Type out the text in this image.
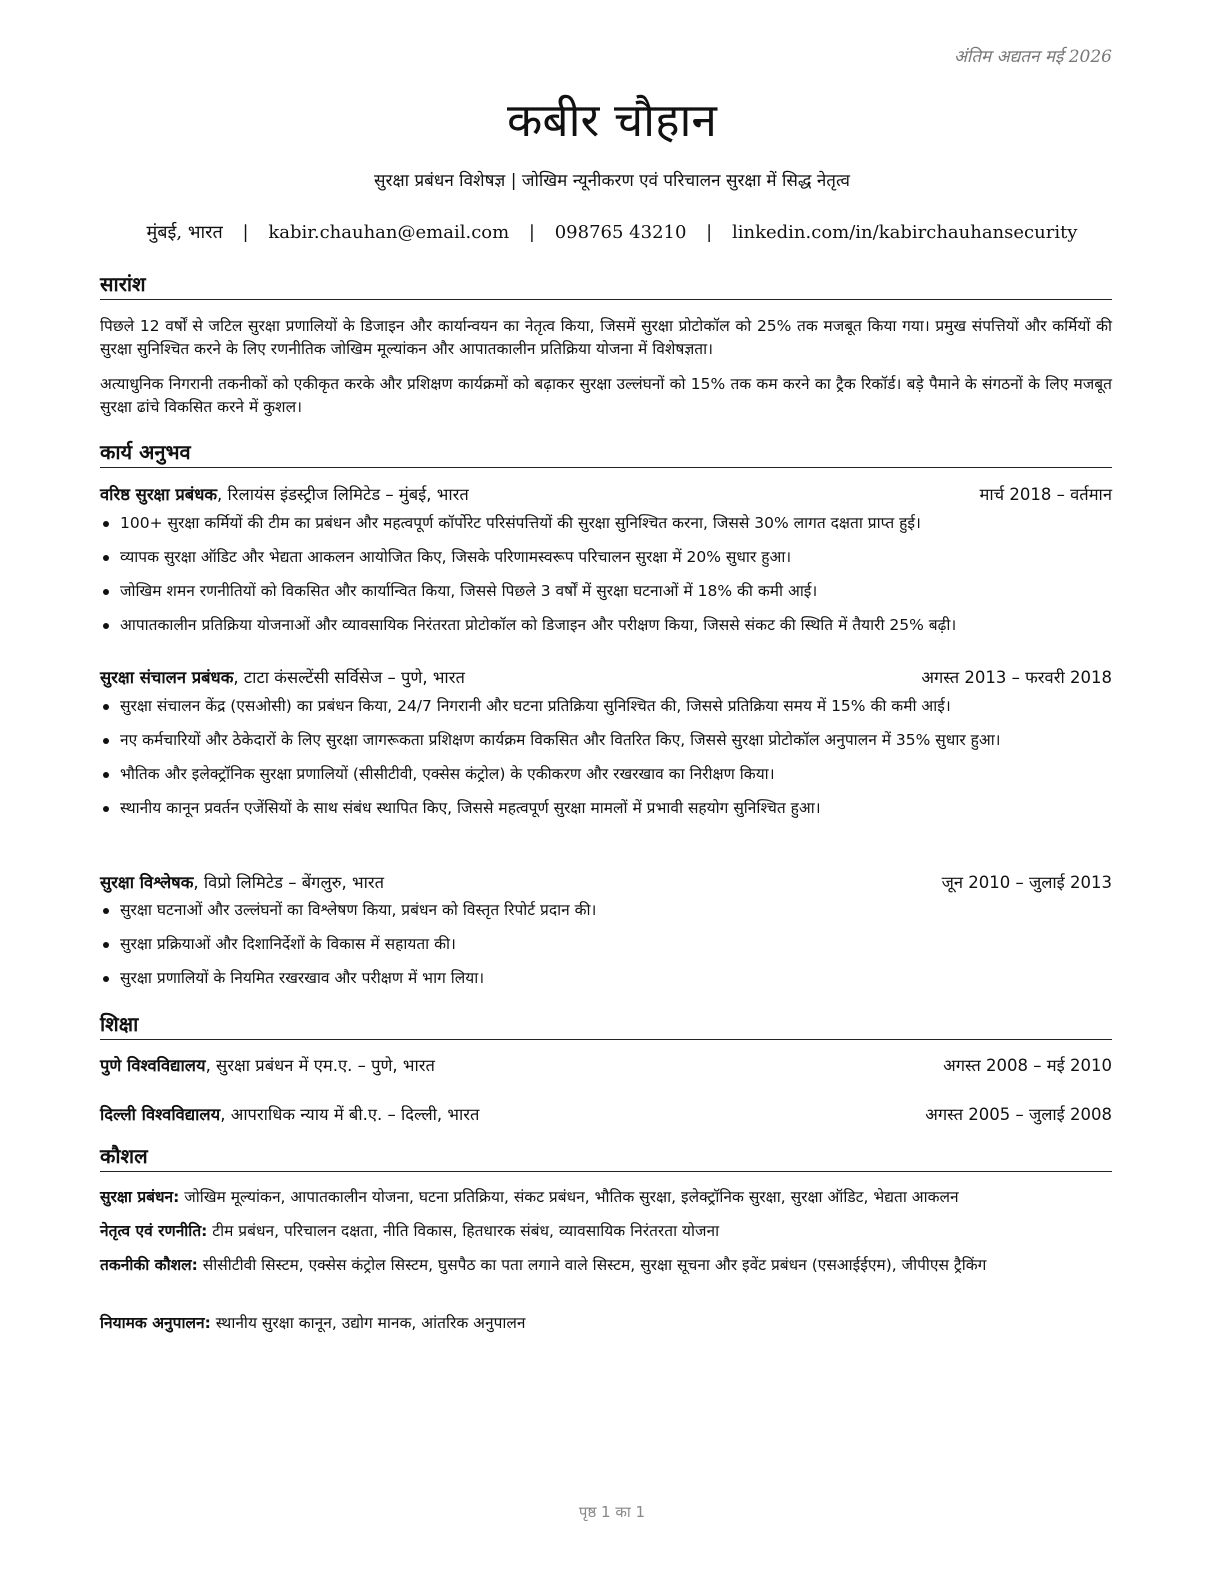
अंतिम अद्यतन मई 2026
कबीर चौहान
सुरक्षा प्रबंधन विशेषज्ञ | जोखिम न्यूनीकरण एवं परिचालन सुरक्षा में सिद्ध नेतृत्व
मुंबई, भारत | kabir.chauhan@email.com | 098765 43210 | linkedin.com/in/kabirchauhansecurity
सारांश

पिछले 12 वर्षों से जटिल सुरक्षा प्रणालियों के डिजाइन और कार्यान्वयन का नेतृत्व किया, जिसमें सुरक्षा प्रोटोकॉल को 25% तक मजबूत किया गया। प्रमुख संपत्तियों और कर्मियों की सुरक्षा सुनिश्चित करने के लिए रणनीतिक जोखिम मूल्यांकन और आपातकालीन प्रतिक्रिया योजना में विशेषज्ञता।

अत्याधुनिक निगरानी तकनीकों को एकीकृत करके और प्रशिक्षण कार्यक्रमों को बढ़ाकर सुरक्षा उल्लंघनों को 15% तक कम करने का ट्रैक रिकॉर्ड। बड़े पैमाने के संगठनों के लिए मजबूत सुरक्षा ढांचे विकसित करने में कुशल।

कार्य अनुभव
वरिष्ठ सुरक्षा प्रबंधक, रिलायंस इंडस्ट्रीज लिमिटेड – मुंबई, भारत	मार्च 2018 – वर्तमान
100+ सुरक्षा कर्मियों की टीम का प्रबंधन और महत्वपूर्ण कॉर्पोरेट परिसंपत्तियों की सुरक्षा सुनिश्चित करना, जिससे 30% लागत दक्षता प्राप्त हुई।
व्यापक सुरक्षा ऑडिट और भेद्यता आकलन आयोजित किए, जिसके परिणामस्वरूप परिचालन सुरक्षा में 20% सुधार हुआ।
जोखिम शमन रणनीतियों को विकसित और कार्यान्वित किया, जिससे पिछले 3 वर्षों में सुरक्षा घटनाओं में 18% की कमी आई।
आपातकालीन प्रतिक्रिया योजनाओं और व्यावसायिक निरंतरता प्रोटोकॉल को डिजाइन और परीक्षण किया, जिससे संकट की स्थिति में तैयारी 25% बढ़ी।
सुरक्षा संचालन प्रबंधक, टाटा कंसल्टेंसी सर्विसेज – पुणे, भारत	अगस्त 2013 – फरवरी 2018
सुरक्षा संचालन केंद्र (एसओसी) का प्रबंधन किया, 24/7 निगरानी और घटना प्रतिक्रिया सुनिश्चित की, जिससे प्रतिक्रिया समय में 15% की कमी आई।
नए कर्मचारियों और ठेकेदारों के लिए सुरक्षा जागरूकता प्रशिक्षण कार्यक्रम विकसित और वितरित किए, जिससे सुरक्षा प्रोटोकॉल अनुपालन में 35% सुधार हुआ।
भौतिक और इलेक्ट्रॉनिक सुरक्षा प्रणालियों (सीसीटीवी, एक्सेस कंट्रोल) के एकीकरण और रखरखाव का निरीक्षण किया।
स्थानीय कानून प्रवर्तन एजेंसियों के साथ संबंध स्थापित किए, जिससे महत्वपूर्ण सुरक्षा मामलों में प्रभावी सहयोग सुनिश्चित हुआ।
सुरक्षा विश्लेषक, विप्रो लिमिटेड – बेंगलुरु, भारत	जून 2010 – जुलाई 2013
सुरक्षा घटनाओं और उल्लंघनों का विश्लेषण किया, प्रबंधन को विस्तृत रिपोर्ट प्रदान की।
सुरक्षा प्रक्रियाओं और दिशानिर्देशों के विकास में सहायता की।
सुरक्षा प्रणालियों के नियमित रखरखाव और परीक्षण में भाग लिया।
शिक्षा
पुणे विश्वविद्यालय, सुरक्षा प्रबंधन में एम.ए. – पुणे, भारत	अगस्त 2008 – मई 2010
दिल्ली विश्वविद्यालय, आपराधिक न्याय में बी.ए. – दिल्ली, भारत	अगस्त 2005 – जुलाई 2008
कौशल

सुरक्षा प्रबंधन: जोखिम मूल्यांकन, आपातकालीन योजना, घटना प्रतिक्रिया, संकट प्रबंधन, भौतिक सुरक्षा, इलेक्ट्रॉनिक सुरक्षा, सुरक्षा ऑडिट, भेद्यता आकलन

नेतृत्व एवं रणनीति: टीम प्रबंधन, परिचालन दक्षता, नीति विकास, हितधारक संबंध, व्यावसायिक निरंतरता योजना

तकनीकी कौशल: सीसीटीवी सिस्टम, एक्सेस कंट्रोल सिस्टम, घुसपैठ का पता लगाने वाले सिस्टम, सुरक्षा सूचना और इवेंट प्रबंधन (एसआईईएम), जीपीएस ट्रैकिंग

नियामक अनुपालन: स्थानीय सुरक्षा कानून, उद्योग मानक, आंतरिक अनुपालन

पृष्ठ 1 का 1
